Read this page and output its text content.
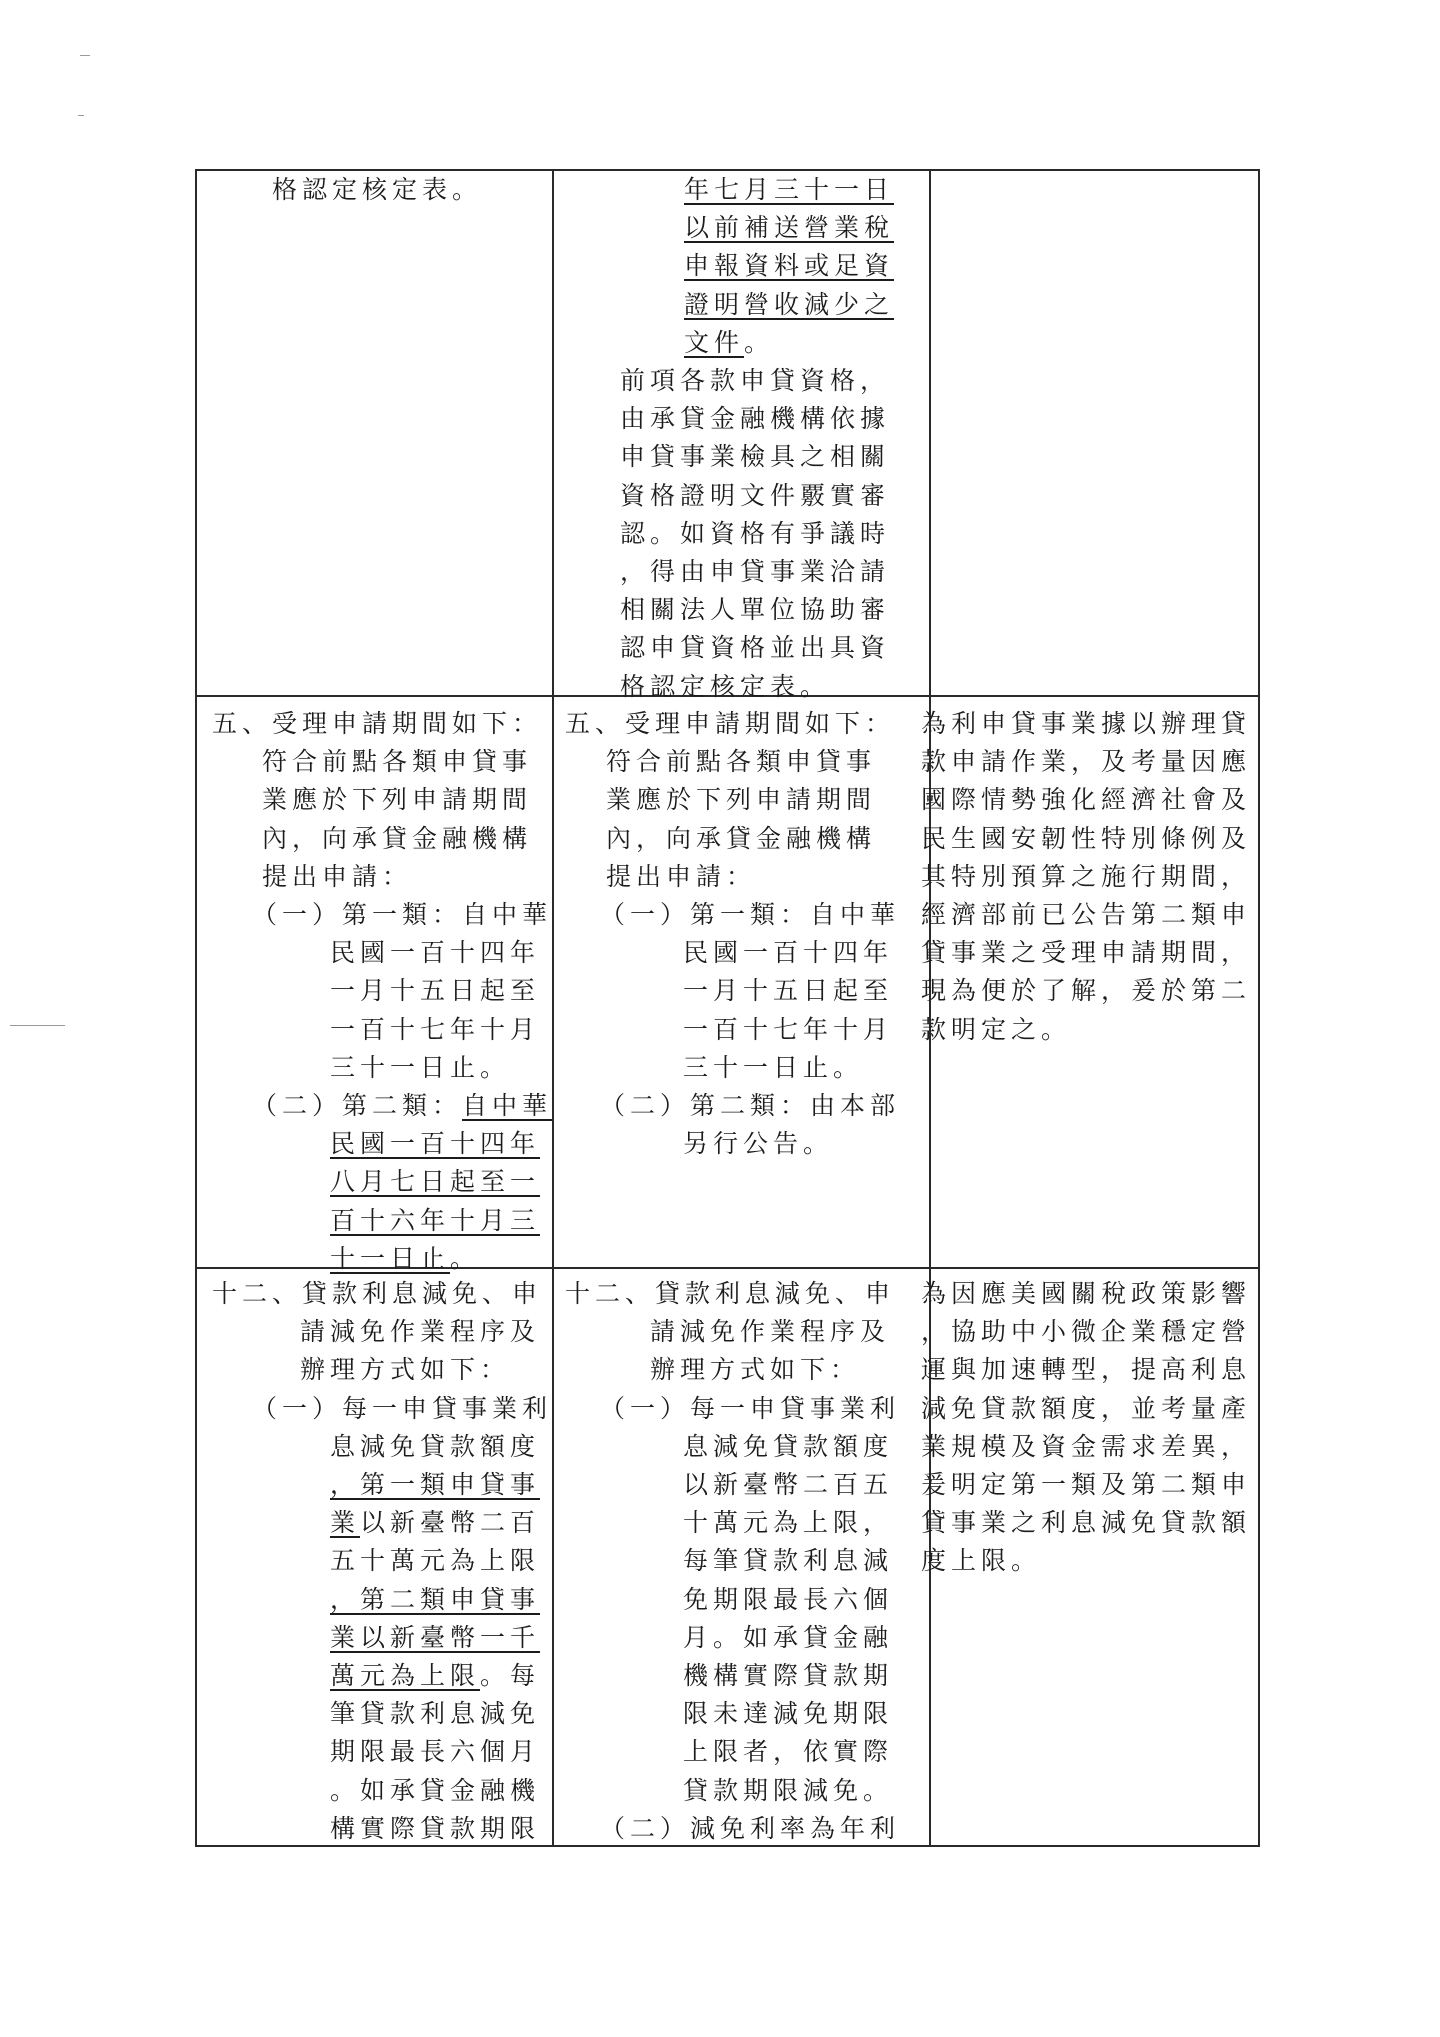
格認定核定表。	年七月三十一日
以前補送營業稅
申報資料或足資
證明營收減少之
文件。
前項各款申貸資格，
由承貸金融機構依據
申貸事業檢具之相關
資格證明文件覈實審
認。如資格有爭議時
，得由申貸事業洽請
相關法人單位協助審
認申貸資格並出具資
格認定核定表。
五、受理申請期間如下：
符合前點各類申貸事
業應於下列申請期間
內，向承貸金融機構
提出申請：
（一）第一類：自中華
民國一百十四年
一月十五日起至
一百十七年十月
三十一日止。
（二）第二類：自中華
民國一百十四年
八月七日起至一
百十六年十月三
十一日止。
五、受理申請期間如下：
符合前點各類申貸事
業應於下列申請期間
內，向承貸金融機構
提出申請：
（一）第一類：自中華
民國一百十四年
一月十五日起至
一百十七年十月
三十一日止。
（二）第二類：由本部
另行公告。
為利申貸事業據以辦理貸
款申請作業，及考量因應
國際情勢強化經濟社會及
民生國安韌性特別條例及
其特別預算之施行期間，
經濟部前已公告第二類申
貸事業之受理申請期間，
現為便於了解，爰於第二
款明定之。
十二、貸款利息減免、申
請減免作業程序及
辦理方式如下：
（一）每一申貸事業利
息減免貸款額度
，第一類申貸事
業以新臺幣二百
五十萬元為上限
，第二類申貸事
業以新臺幣一千
萬元為上限。每
筆貸款利息減免
期限最長六個月
。如承貸金融機
構實際貸款期限
十二、貸款利息減免、申
請減免作業程序及
辦理方式如下：
（一）每一申貸事業利
息減免貸款額度
以新臺幣二百五
十萬元為上限，
每筆貸款利息減
免期限最長六個
月。如承貸金融
機構實際貸款期
限未達減免期限
上限者，依實際
貸款期限減免。
（二）減免利率為年利
為因應美國關稅政策影響
，協助中小微企業穩定營
運與加速轉型，提高利息
減免貸款額度，並考量產
業規模及資金需求差異，
爰明定第一類及第二類申
貸事業之利息減免貸款額
度上限。
